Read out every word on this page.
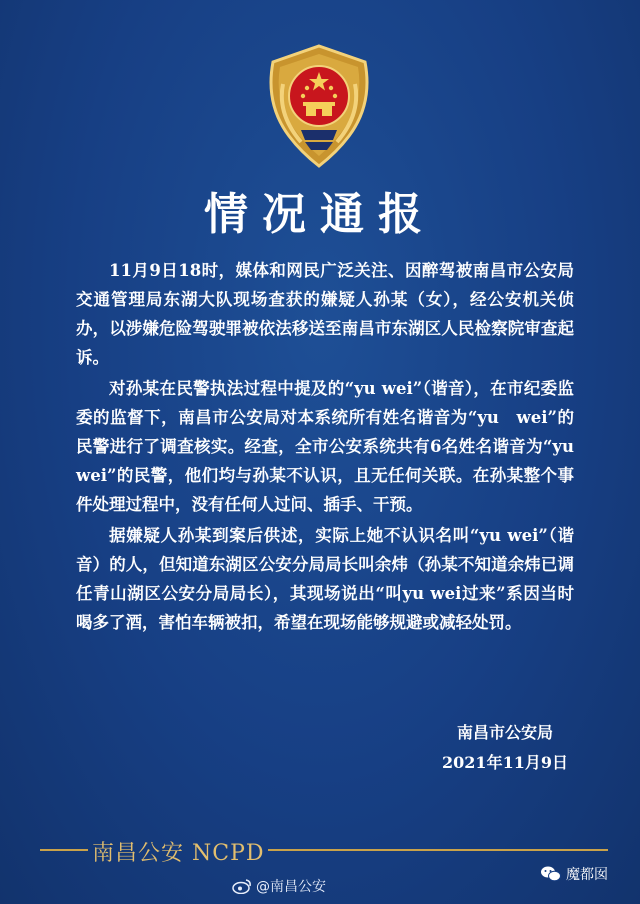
情况通报

11月9日18时，媒体和网民广泛关注、因醉驾被南昌市公安局交通管理局东湖大队现场查获的嫌疑人孙某（女），经公安机关侦办，以涉嫌危险驾驶罪被依法移送至南昌市东湖区人民检察院审查起诉。

对孙某在民警执法过程中提及的“yu wei”（谐音），在市纪委监委的监督下，南昌市公安局对本系统所有姓名谐音为“yu　wei”的民警进行了调查核实。经查，全市公安系统共有6名姓名谐音为“yu wei”的民警，他们均与孙某不认识，且无任何关联。在孙某整个事件处理过程中，没有任何人过问、插手、干预。

据嫌疑人孙某到案后供述，实际上她不认识名叫“yu wei”（谐音）的人，但知道东湖区公安分局局长叫余炜（孙某不知道余炜已调任青山湖区公安分局局长），其现场说出“叫yu wei过来”系因当时喝多了酒，害怕车辆被扣，希望在现场能够规避或减轻处罚。

南昌市公安局
2021年11月9日
南昌公安 NCPD
@南昌公安
魔都囡
